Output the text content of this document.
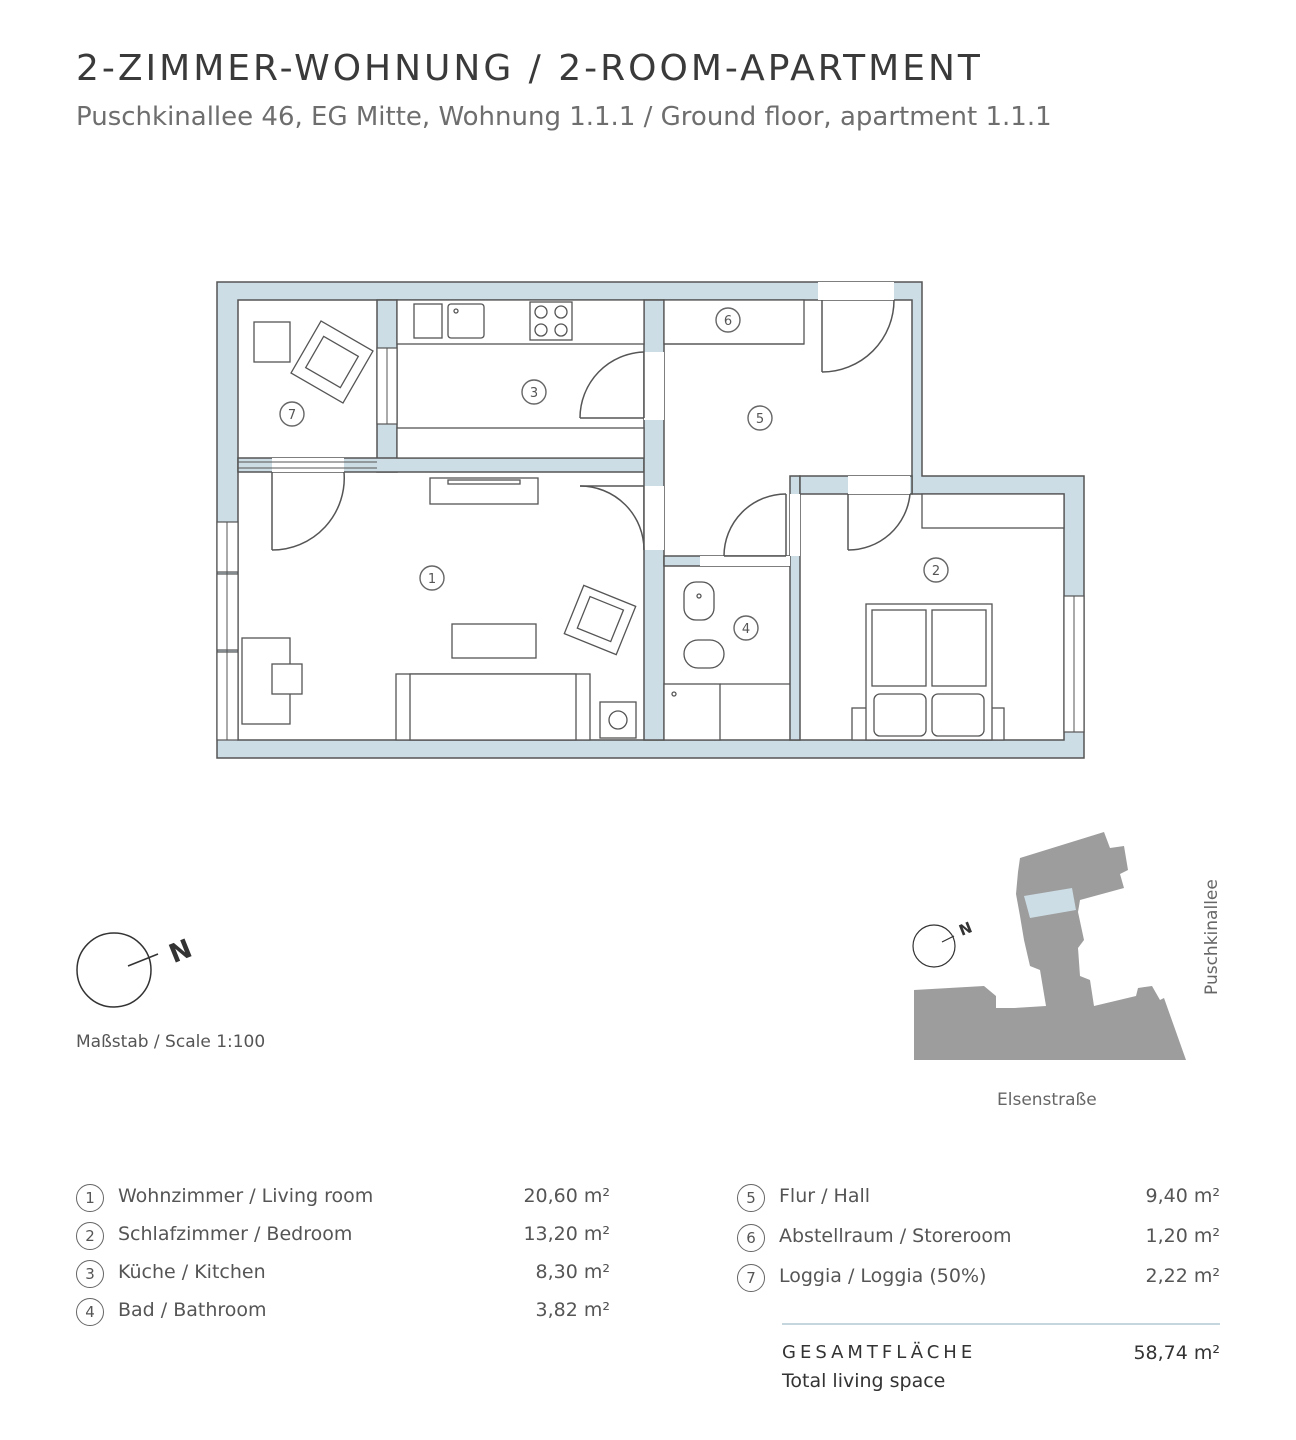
2-ZIMMER-WOHNUNG / 2-ROOM-APARTMENT
Puschkinallee 46, EG Mitte, Wohnung 1.1.1 / Ground floor, apartment 1.1.1
1
2
3
4
5
6
7
N
N
Maßstab / Scale 1:100
Elsenstraße
Puschkinallee
1	Wohnzimmer / Living room	20,60 m²
2	Schlafzimmer / Bedroom	13,20 m²
3	Küche / Kitchen	8,30 m²
4	Bad / Bathroom	3,82 m²
5	Flur / Hall	9,40 m²
6	Abstellraum / Storeroom	1,20 m²
7	Loggia / Loggia (50%)	2,22 m²
GESAMTFLÄCHE
Total living space
58,74 m²
